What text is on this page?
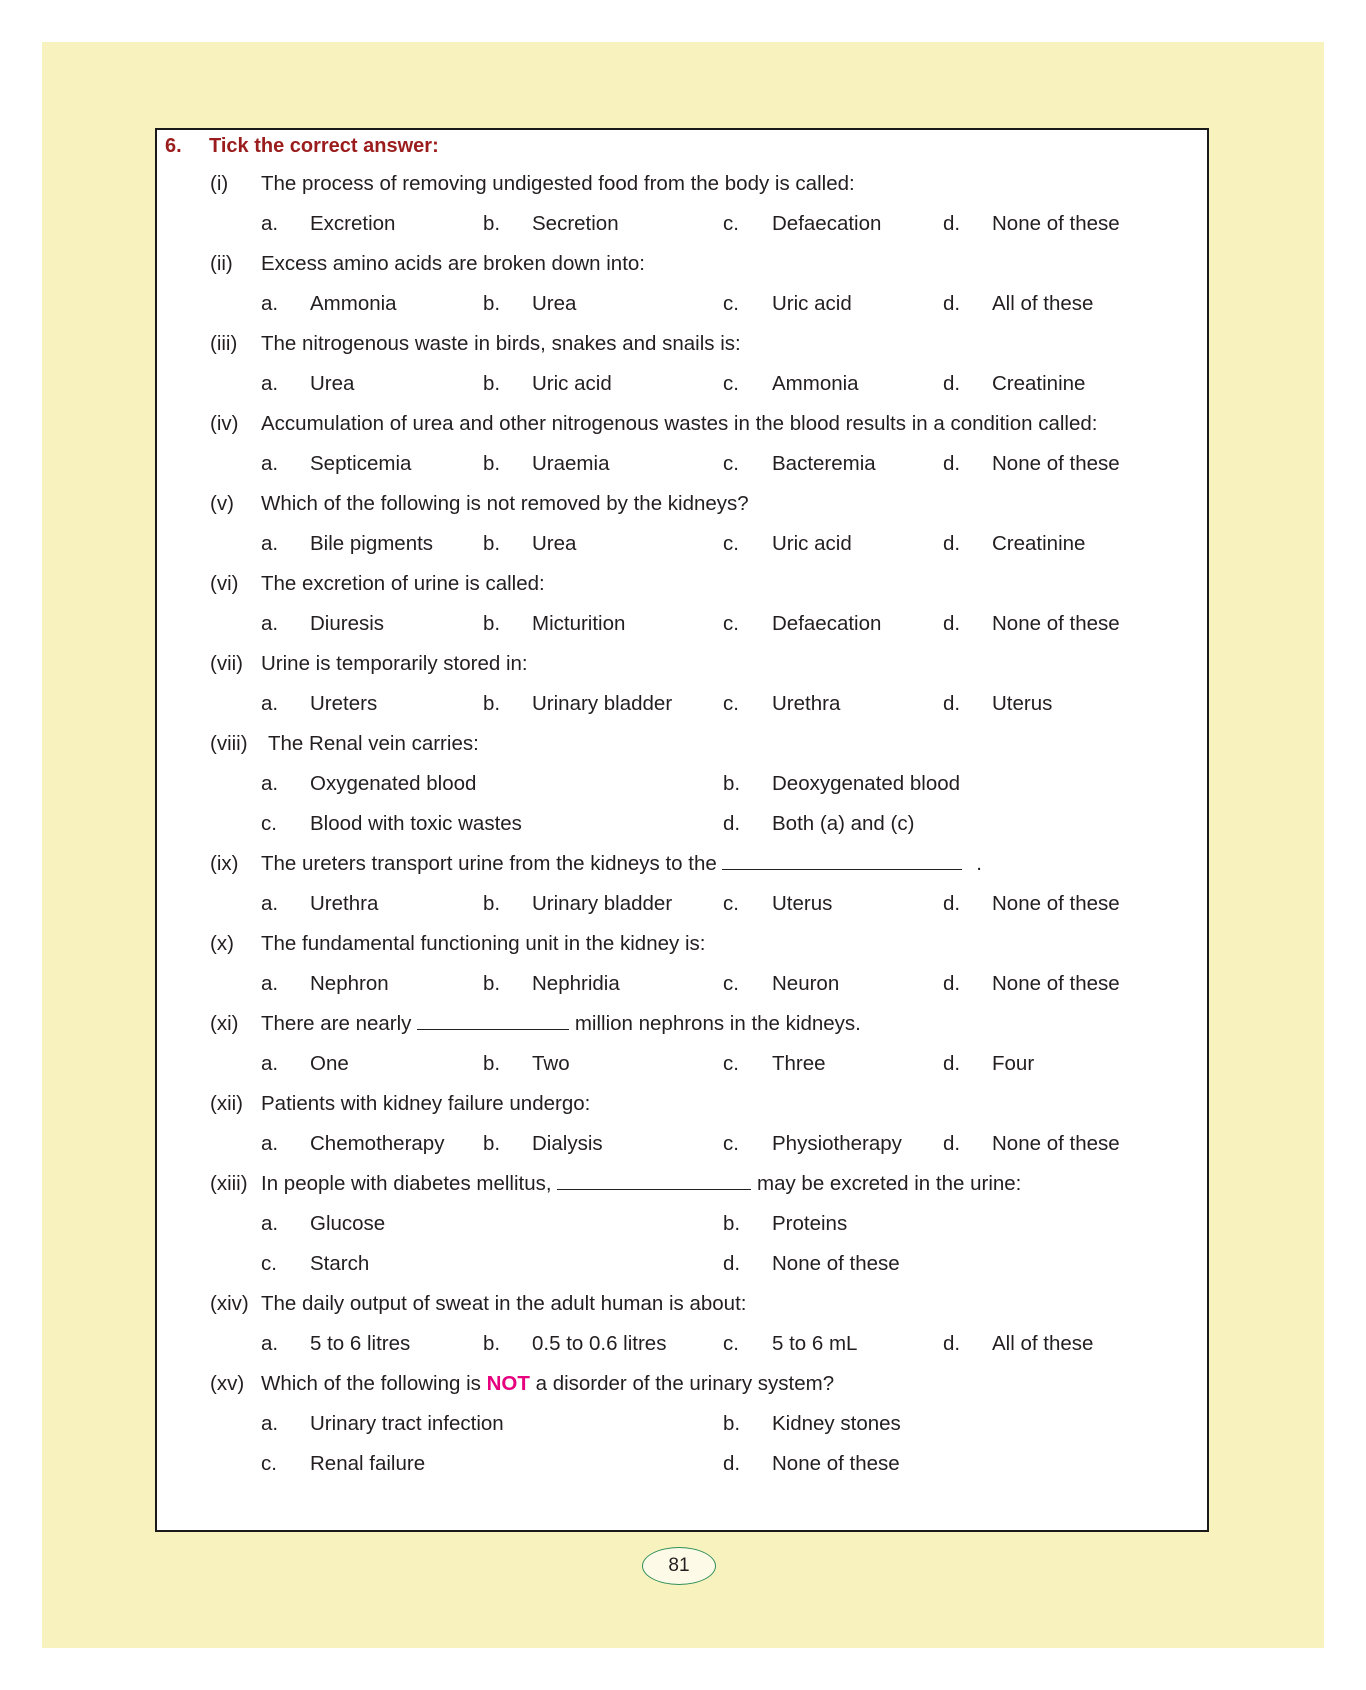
6. Tick the correct answer:
(i) The process of removing undigested food from the body is called:
a. Excretion	b. Secretion	c. Defaecation	d. None of these
(ii) Excess amino acids are broken down into:
a. Ammonia	b. Urea	c. Uric acid	d. All of these
(iii) The nitrogenous waste in birds, snakes and snails is:
a. Urea	b. Uric acid	c. Ammonia	d. Creatinine
(iv) Accumulation of urea and other nitrogenous wastes in the blood results in a condition called:
a. Septicemia	b. Uraemia	c. Bacteremia	d. None of these
(v) Which of the following is not removed by the kidneys?
a. Bile pigments b. Urea	c. Uric acid	d. Creatinine
(vi) The excretion of urine is called:
a. Diuresis	b. Micturition	c. Defaecation	d. None of these
(vii) Urine is temporarily stored in:
a. Ureters	b. Urinary bladder c. Urethra	d. Uterus
(viii) The Renal vein carries:
a. Oxygenated blood	b. Deoxygenated blood
c. Blood with toxic wastes	d. Both (a) and (c)
(ix) The ureters transport urine from the kidneys to the	.
a. Urethra	b. Urinary bladder c. Uterus	d. None of these
(x) The fundamental functioning unit in the kidney is:
a. Nephron	b. Nephridia	c. Neuron	d. None of these
(xi) There are nearly	million nephrons in the kidneys.
a. One	b. Two	c. Three	d. Four
(xii) Patients with kidney failure undergo:
a. Chemotherapy b. Dialysis	c. Physiotherapy d. None of these
(xiii) In people with diabetes mellitus,	may be excreted in the urine:
a. Glucose	b. Proteins
c. Starch	d. None of these
(xiv) The daily output of sweat in the adult human is about:
a. 5 to 6 litres	b. 0.5 to 0.6 litres	c. 5 to 6 mL	d. All of these
(xv) Which of the following is NOT a disorder of the urinary system?
a. Urinary tract infection	b. Kidney stones
c. Renal failure	d. None of these
81
